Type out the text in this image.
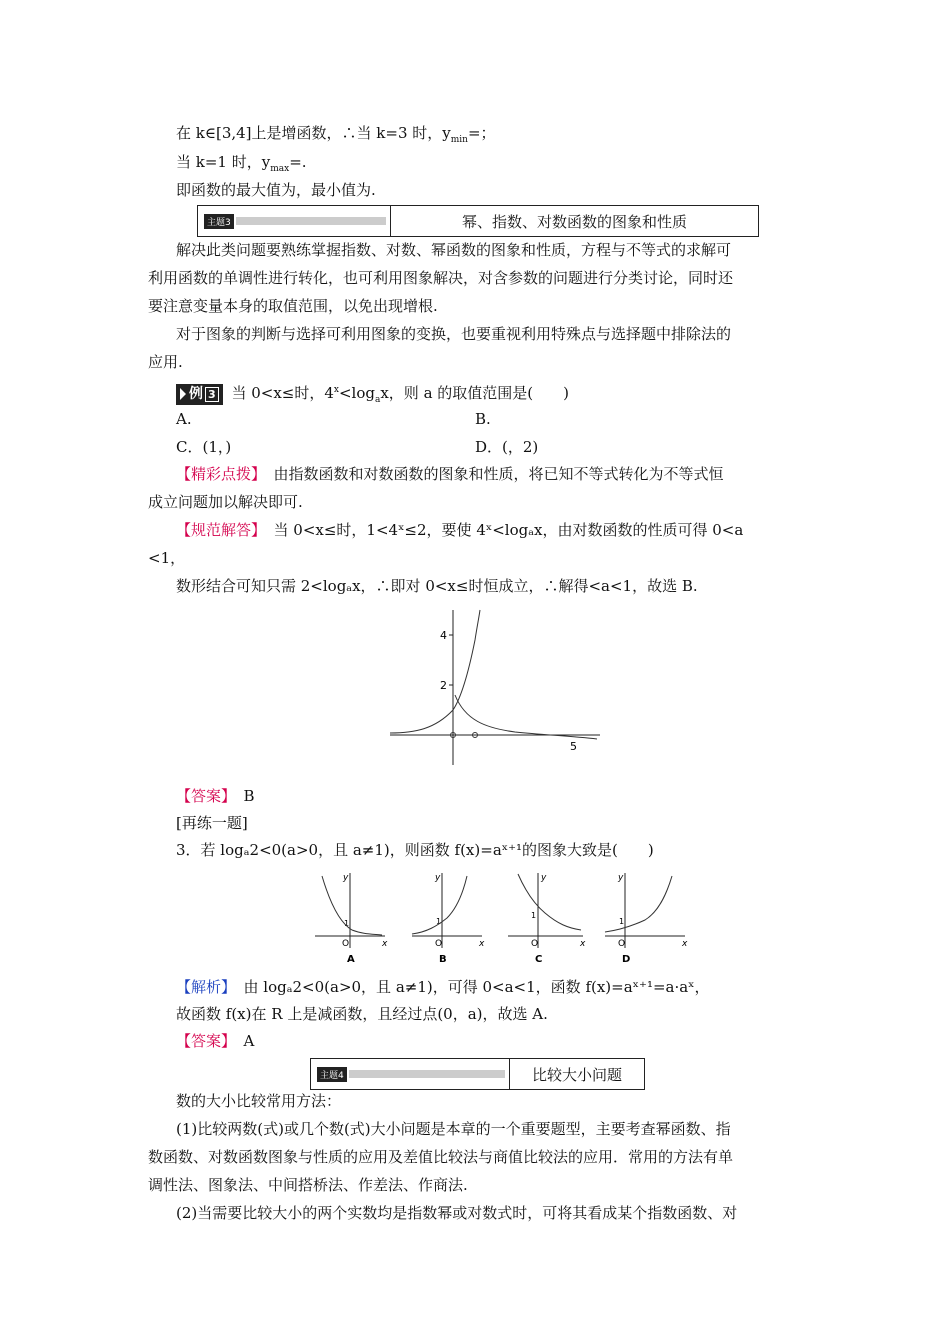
在 k∈[3,4]上是增函数，∴当 k=3 时，$y_{min}=$；
当 k=1 时，$y_{max}=$.
即函数的最大值为，最小值为.
主题3	幂、指数、对数函数的图象和性质
解决此类问题要熟练掌握指数、对数、幂函数的图象和性质，方程与不等式的求解可
利用函数的单调性进行转化，也可利用图象解决，对含参数的问题进行分类讨论，同时还
要注意变量本身的取值范围，以免出现增根.
对于图象的判断与选择可利用图象的变换，也要重视利用特殊点与选择题中排除法的
应用.
例 3 当 0<x≤时，$4^x<\log_ax$，则 a 的取值范围是(　　)
A.	B.
C．(1，)	D．(，2)
【精彩点拨】　由指数函数和对数函数的图象和性质，将已知不等式转化为不等式恒
成立问题加以解决即可.
【规范解答】　当 0<x≤时，1<4ˣ≤2，要使 4ˣ<logₐx，由对数函数的性质可得 0<a
<1，
数形结合可知只需 2<logₐx，∴即对 0<x≤时恒成立，∴解得<a<1，故选 B.
4
2
5
【答案】　B
[再练一题]
3．若 logₐ2<0(a>0，且 a≠1)，则函数 f(x)=aˣ⁺¹的图象大致是(　　)
y
x
O
1
A
y
x
O
1
B
y
x
O
1
C
y
x
O
1
D
【解析】　由 logₐ2<0(a>0，且 a≠1)，可得 0<a<1，函数 f(x)=aˣ⁺¹=a·aˣ，
故函数 f(x)在 R 上是减函数，且经过点(0，a)，故选 A.
【答案】　A
主题4	比较大小问题
数的大小比较常用方法：
(1)比较两数(式)或几个数(式)大小问题是本章的一个重要题型，主要考查幂函数、指
数函数、对数函数图象与性质的应用及差值比较法与商值比较法的应用．常用的方法有单
调性法、图象法、中间搭桥法、作差法、作商法.
(2)当需要比较大小的两个实数均是指数幂或对数式时，可将其看成某个指数函数、对
